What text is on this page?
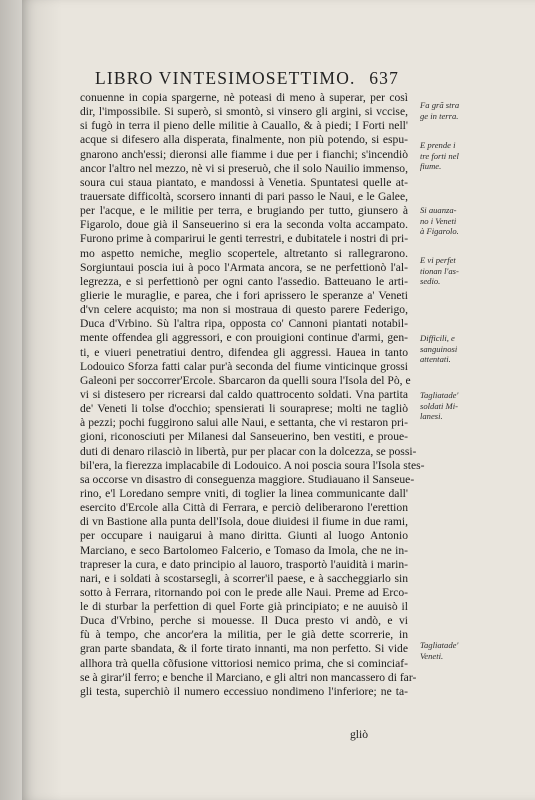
LIBRO VINTESIMOSETTIMO. 637
conuenne in copia spargerne, nè poteasi di meno à superar, per così
dir, l'impossibile. Si superò, si smontò, si vinsero gli argini, si vccise,
si fugò in terra il pieno delle militie à Cauallo, & à piedi; I Forti nell'
acque si difesero alla disperata, finalmente, non più potendo, si espu-
gnarono anch'essi; dieronsi alle fiamme i due per i fianchi; s'incendiò
ancor l'altro nel mezzo, nè vi si preseruò, che il solo Nauilio immenso,
soura cui staua piantato, e mandossi à Venetia. Spuntatesi quelle at-
trauersate difficoltà, scorsero innanti di pari passo le Naui, e le Galee,
per l'acque, e le militie per terra, e brugiando per tutto, giunsero à
Figarolo, doue già il Sanseuerino si era la seconda volta accampato.
Furono prime à comparirui le genti terrestri, e dubitatele i nostri di pri-
mo aspetto nemiche, meglio scopertele, altretanto si rallegrarono.
Sorgiuntaui poscia iui à poco l'Armata ancora, se ne perfettionò l'al-
legrezza, e si perfettionò per ogni canto l'assedio. Batteuano le arti-
glierie le muraglie, e parea, che i fori aprissero le speranze a' Veneti
d'vn celere acquisto; ma non si mostraua di questo parere Federigo,
Duca d'Vrbino. Sù l'altra ripa, opposta co' Cannoni piantati notabil-
mente offendea gli aggressori, e con prouigioni continue d'armi, gen-
ti, e viueri penetratiui dentro, difendea gli aggressi. Hauea in tanto
Lodouico Sforza fatti calar pur'à seconda del fiume vinticinque grossi
Galeoni per soccorrer'Ercole. Sbarcaron da quelli soura l'Isola del Pò, e
vi si distesero per ricrearsi dal caldo quattrocento soldati. Vna partita
de' Veneti li tolse d'occhio; spensierati li souraprese; molti ne tagliò
à pezzi; pochi fuggirono salui alle Naui, e settanta, che vi restaron pri-
gioni, riconosciuti per Milanesi dal Sanseuerino, ben vestiti, e proue-
duti di denaro rilasciò in libertà, pur per placar con la dolcezza, se possi-
bil'era, la fierezza implacabile di Lodouico. A noi poscia soura l'Isola stes-
sa occorse vn disastro di conseguenza maggiore. Studiauano il Sanseue-
rino, e'l Loredano sempre vniti, di toglier la linea communicante dall'
esercito d'Ercole alla Città di Ferrara, e perciò deliberarono l'erettion
di vn Bastione alla punta dell'Isola, doue diuidesi il fiume in due rami,
per occupare i nauigarui à mano diritta. Giunti al luogo Antonio
Marciano, e seco Bartolomeo Falcerio, e Tomaso da Imola, che ne in-
trapreser la cura, e dato principio al lauoro, trasportò l'auidità i marin-
nari, e i soldati à scostarsegli, à scorrer'il paese, e à saccheggiarlo sin
sotto à Ferrara, ritornando poi con le prede alle Naui. Preme ad Erco-
le di sturbar la perfettion di quel Forte già principiato; e ne auuisò il
Duca d'Vrbino, perche si mouesse. Il Duca presto vi andò, e vi
fù à tempo, che ancor'era la militia, per le già dette scorrerie, in
gran parte sbandata, & il forte tirato innanti, ma non perfetto. Si vide
allhora trà quella cõfusione vittoriosi nemico prima, che si cominciaf-
se à girar'il ferro; e benche il Marciano, e gli altri non mancassero di far-
gli testa, superchiò il numero eccessiuo nondimeno l'inferiore; ne ta-
Fa grã stra
ge in terra.
E prende i
tre forti nel
fiume.
Si auanza-
no i Veneti
à Figarolo.
E vi perfet
tionan l'as-
sedio.
Difficili, e
sanguinosi
attentati.
Tagliatade'
soldati Mi-
lanesi.
Tagliatade'
Veneti.
gliò
